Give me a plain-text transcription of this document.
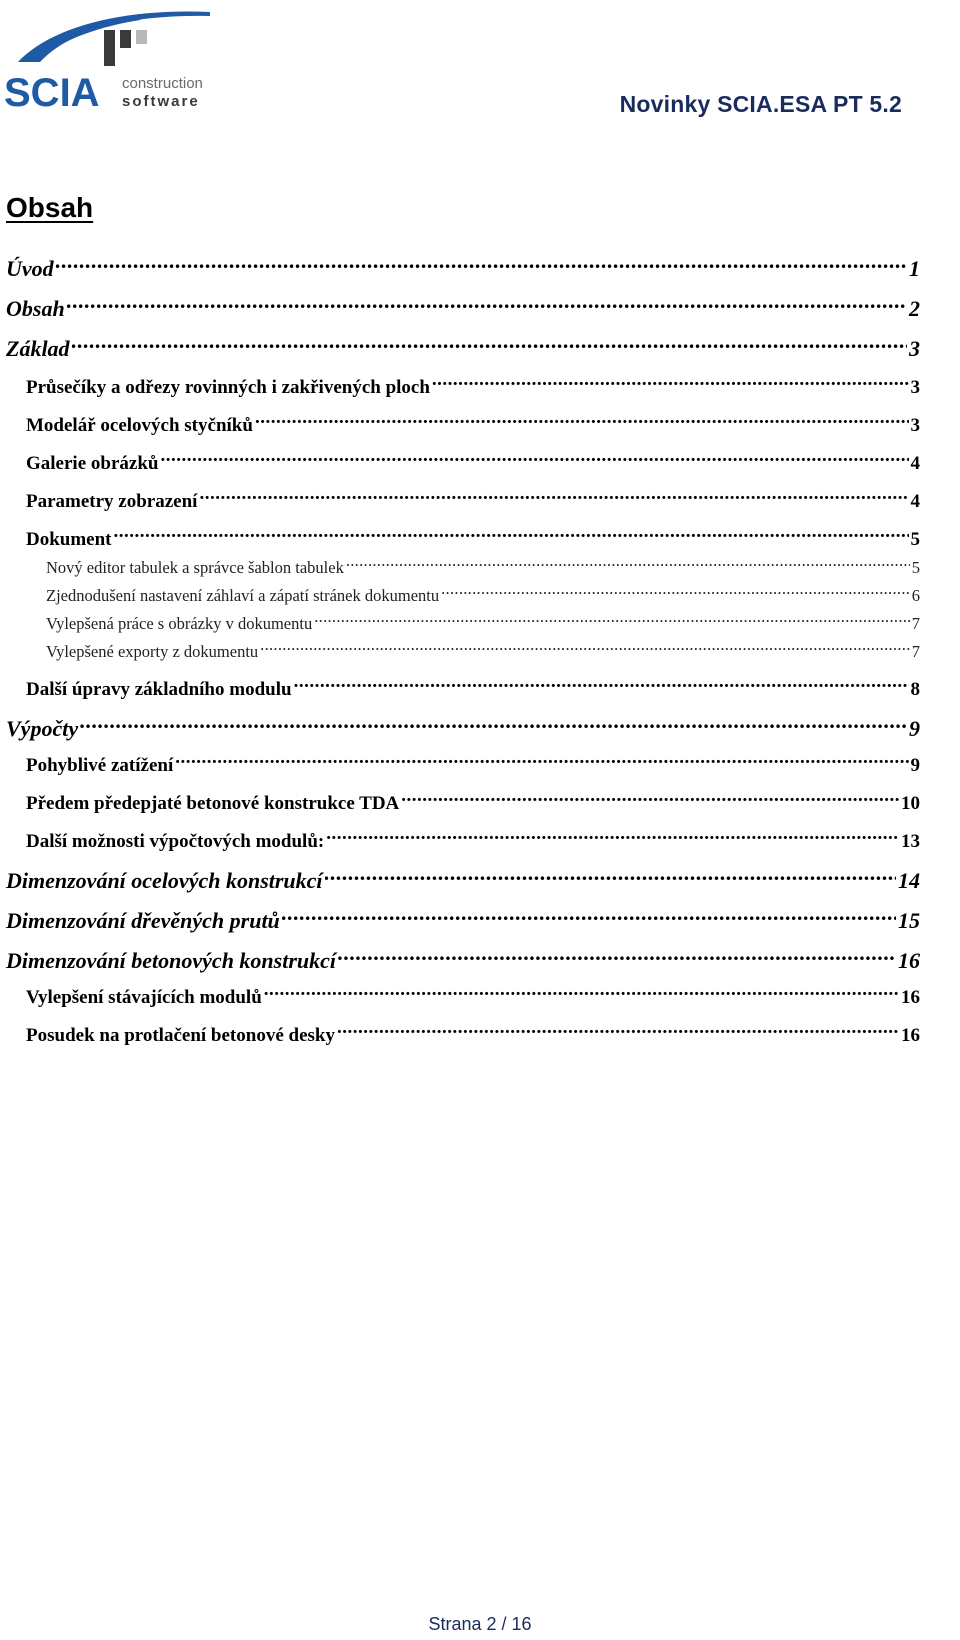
SCIA construction
software	Novinky SCIA.ESA PT 5.2
Obsah
Úvod .....	1
Obsah .....	2
Základ .....	3
Průsečíky a odřezy rovinných i zakřivených ploch .....	3
Modelář ocelových styčníků .....	3
Galerie obrázků .....	4
Parametry zobrazení .....	4
Dokument .....	5
Nový editor tabulek a správce šablon tabulek .....	5
Zjednodušení nastavení záhlaví a zápatí stránek dokumentu .....	6
Vylepšená práce s obrázky v dokumentu .....	7
Vylepšené exporty z dokumentu .....	7
Další úpravy základního modulu .....	8
Výpočty .....	9
Pohyblivé zatížení .....	9
Předem předepjaté betonové konstrukce TDA .....	10
Další možnosti výpočtových modulů: .....	13
Dimenzování ocelových konstrukcí .....	14
Dimenzování dřevěných prutů .....	15
Dimenzování betonových konstrukcí .....	16
Vylepšení stávajících modulů .....	16
Posudek na protlačení betonové desky .....	16
Strana 2 / 16
